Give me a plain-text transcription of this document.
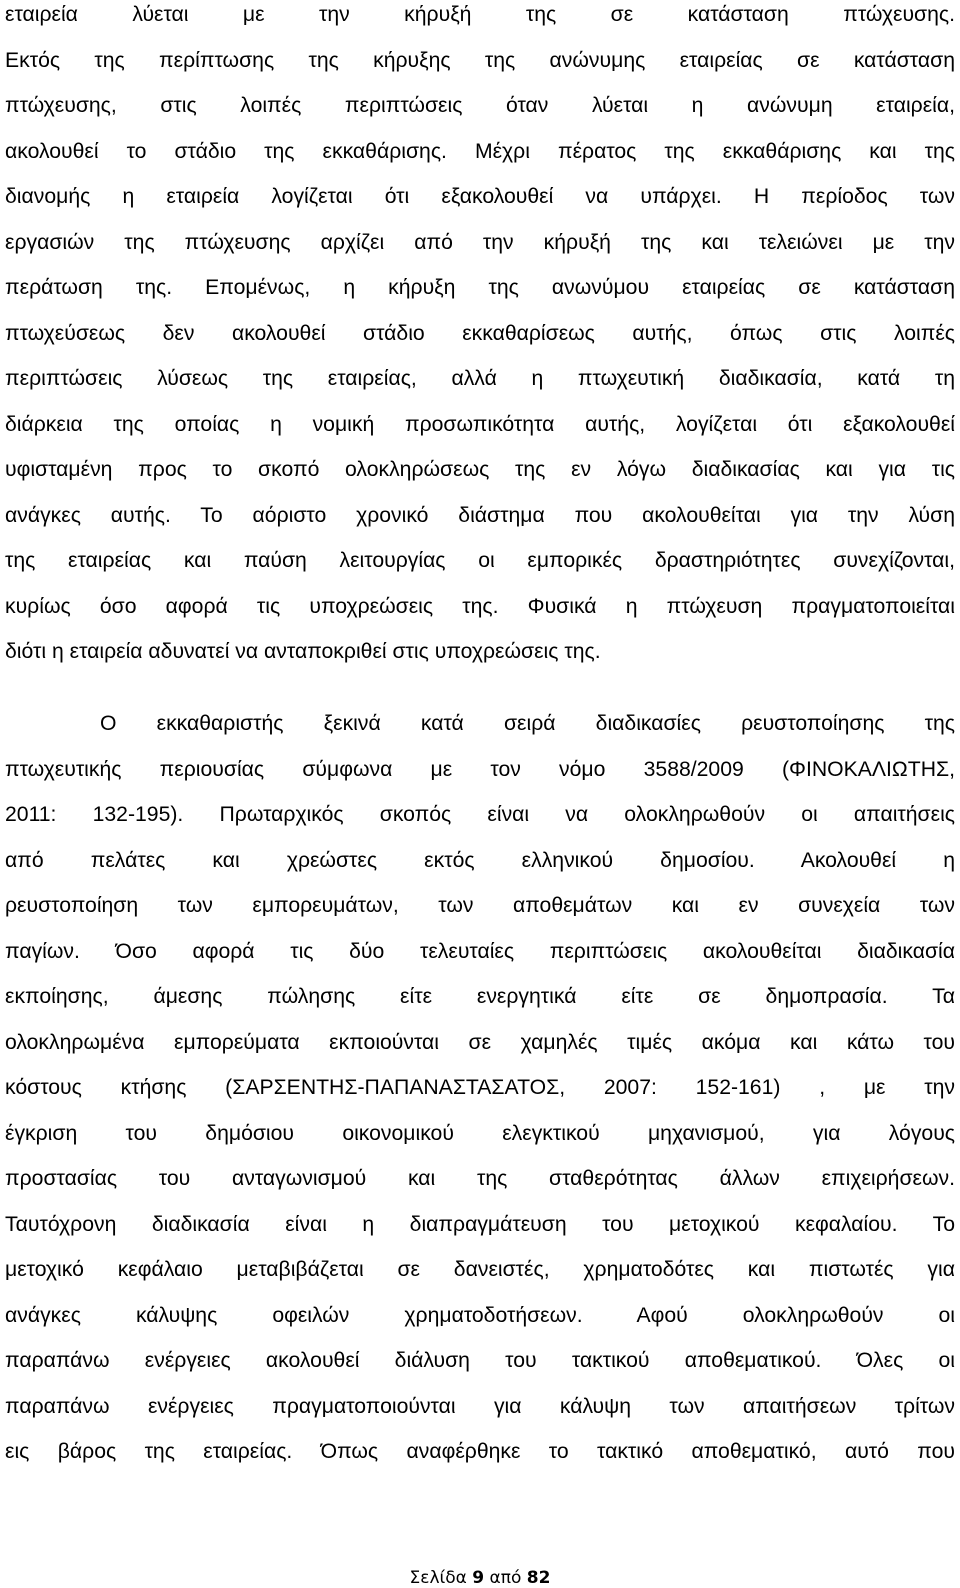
εταιρεία λύεται με την κήρυξή της σε κατάσταση πτώχευσης.
Εκτός της περίπτωσης της κήρυξης της ανώνυμης εταιρείας σε κατάσταση
πτώχευσης, στις λοιπές περιπτώσεις όταν λύεται η ανώνυμη εταιρεία,
ακολουθεί το στάδιο της εκκαθάρισης. Μέχρι πέρατος της εκκαθάρισης και της
διανομής η εταιρεία λογίζεται ότι εξακολουθεί να υπάρχει. Η περίοδος των
εργασιών της πτώχευσης αρχίζει από την κήρυξή της και τελειώνει με την
περάτωση της. Επομένως, η κήρυξη της ανωνύμου εταιρείας σε κατάσταση
πτωχεύσεως δεν ακολουθεί στάδιο εκκαθαρίσεως αυτής, όπως στις λοιπές
περιπτώσεις λύσεως της εταιρείας, αλλά η πτωχευτική διαδικασία, κατά τη
διάρκεια της οποίας η νομική προσωπικότητα αυτής, λογίζεται ότι εξακολουθεί
υφισταμένη προς το σκοπό ολοκληρώσεως της εν λόγω διαδικασίας και για τις
ανάγκες αυτής. Το αόριστο χρονικό διάστημα που ακολουθείται για την λύση
της εταιρείας και παύση λειτουργίας οι εμπορικές δραστηριότητες συνεχίζονται,
κυρίως όσο αφορά τις υποχρεώσεις της. Φυσικά η πτώχευση πραγματοποιείται
διότι η εταιρεία αδυνατεί να ανταποκριθεί στις υποχρεώσεις της.
Ο εκκαθαριστής ξεκινά κατά σειρά διαδικασίες ρευστοποίησης της
πτωχευτικής περιουσίας σύμφωνα με τον νόμο 3588/2009 (ΦΙΝΟΚΑΛΙΩΤΗΣ,
2011: 132-195). Πρωταρχικός σκοπός είναι να ολοκληρωθούν οι απαιτήσεις
από πελάτες και χρεώστες εκτός ελληνικού δημοσίου. Ακολουθεί η
ρευστοποίηση των εμπορευμάτων, των αποθεμάτων και εν συνεχεία των
παγίων. Όσο αφορά τις δύο τελευταίες περιπτώσεις ακολουθείται διαδικασία
εκποίησης, άμεσης πώλησης είτε ενεργητικά είτε σε δημοπρασία. Τα
ολοκληρωμένα εμπορεύματα εκποιούνται σε χαμηλές τιμές ακόμα και κάτω του
κόστους κτήσης (ΣΑΡΣΕΝΤΗΣ-ΠΑΠΑΝΑΣΤΑΣΑΤΟΣ, 2007: 152-161) , με την
έγκριση του δημόσιου οικονομικού ελεγκτικού μηχανισμού, για λόγους
προστασίας του ανταγωνισμού και της σταθερότητας άλλων επιχειρήσεων.
Ταυτόχρονη διαδικασία είναι η διαπραγμάτευση του μετοχικού κεφαλαίου. Το
μετοχικό κεφάλαιο μεταβιβάζεται σε δανειστές, χρηματοδότες και πιστωτές για
ανάγκες κάλυψης οφειλών χρηματοδοτήσεων. Αφού ολοκληρωθούν οι
παραπάνω ενέργειες ακολουθεί διάλυση του τακτικού αποθεματικού. Όλες οι
παραπάνω ενέργειες πραγματοποιούνται για κάλυψη των απαιτήσεων τρίτων
εις βάρος της εταιρείας. Όπως αναφέρθηκε το τακτικό αποθεματικό, αυτό που
Σελίδα 9 από 82
